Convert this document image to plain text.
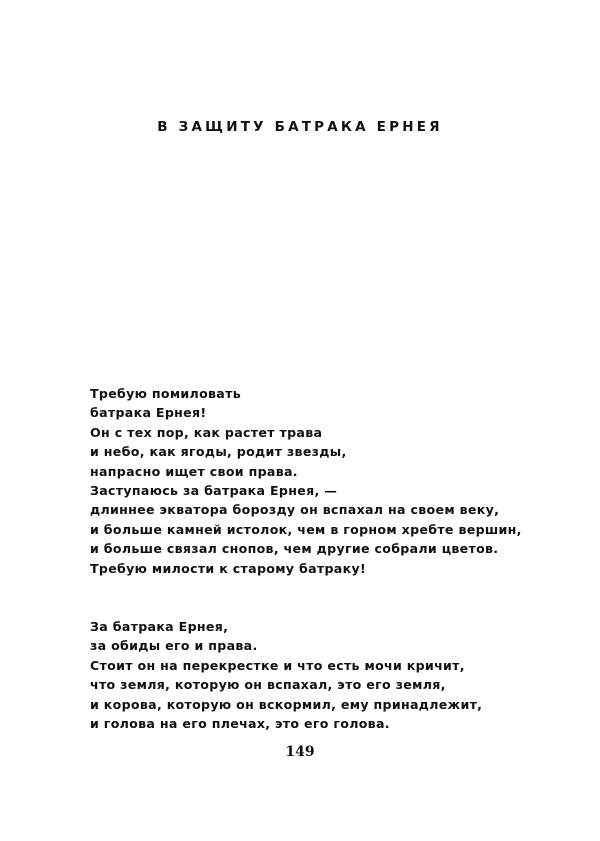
В ЗАЩИТУ БАТРАКА ЕРНЕЯ
Требую помиловать
батрака Ернея!
Он с тех пор, как растет трава
и небо, как ягоды, родит звезды,
напрасно ищет свои права.
Заступаюсь за батрака Ернея, —
длиннее экватора борозду он вспахал на своем веку,
и больше камней истолок, чем в горном хребте вершин,
и больше связал снопов, чем другие собрали цветов.
Требую милости к старому батраку!
За батрака Ернея,
за обиды его и права.
Стоит он на перекрестке и что есть мочи кричит,
что земля, которую он вспахал, это его земля,
и корова, которую он вскормил, ему принадлежит,
и голова на его плечах, это его голова.
149
